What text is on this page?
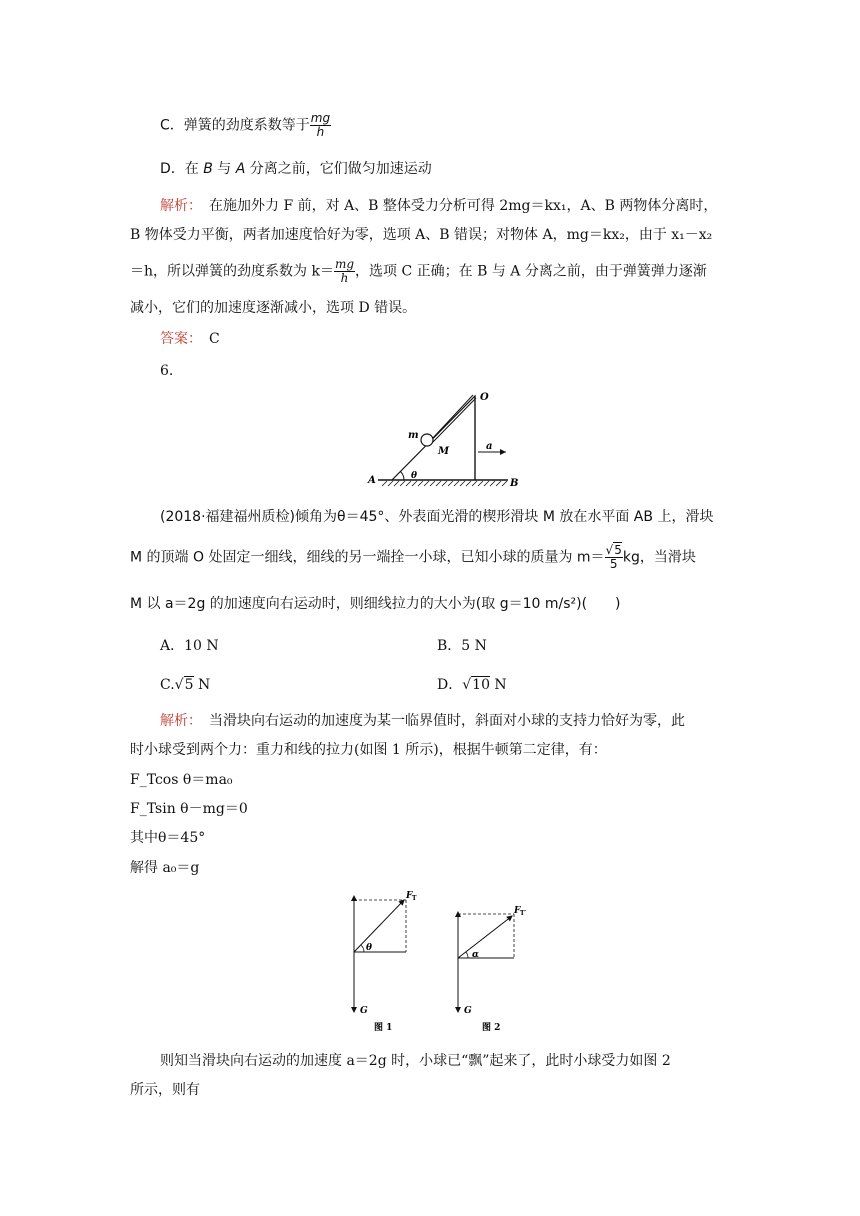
C．弹簧的劲度系数等于 $\frac{mg}{h}$
D．在 B 与 A 分离之前，它们做匀加速运动
解析：　 在施加外力 F 前，对 A、B 整体受力分析可得 2mg＝kx₁，A、B 两物体分离时，
B 物体受力平衡，两者加速度恰好为零，选项 A、B 错误；对物体 A，mg＝kx₂，由于 x₁－x₂
＝h，所以弹簧的劲度系数为 $k= \frac{mg}{h}$ ，选项 C 正确；在 B 与 A 分离之前，由于弹簧弹力逐渐
减小，它们的加速度逐渐减小，选项 D 错误。
答案：　 C
6.
O
m
M	a
θ
A	B
(2018·福建福州质检)倾角为θ＝45°、外表面光滑的楔形滑块 M 放在水平面 AB 上，滑块
M 的顶端 O 处固定一细线，细线的另一端拴一小球，已知小球的质量为 $m= \frac{√5}{5}$ kg，当滑块
M 以 a＝2g 的加速度向右运动时，则细线拉力的大小为(取 g＝10 m/s²)(　　)
A．10 N	B．5 N
C.√5 N	D．√10 N
解析：　 当滑块向右运动的加速度为某一临界值时，斜面对小球的支持力恰好为零，此
时小球受到两个力：重力和线的拉力(如图 1 所示)，根据牛顿第二定律，有：
F_Tcos θ＝ma₀
F_Tsin θ－mg＝0
其中θ＝45°
解得 a₀＝g
F T
θ
G
图 1
F T′
α
G
图 2
则知当滑块向右运动的加速度 a＝2g 时，小球已“飘”起来了，此时小球受力如图 2
所示，则有
